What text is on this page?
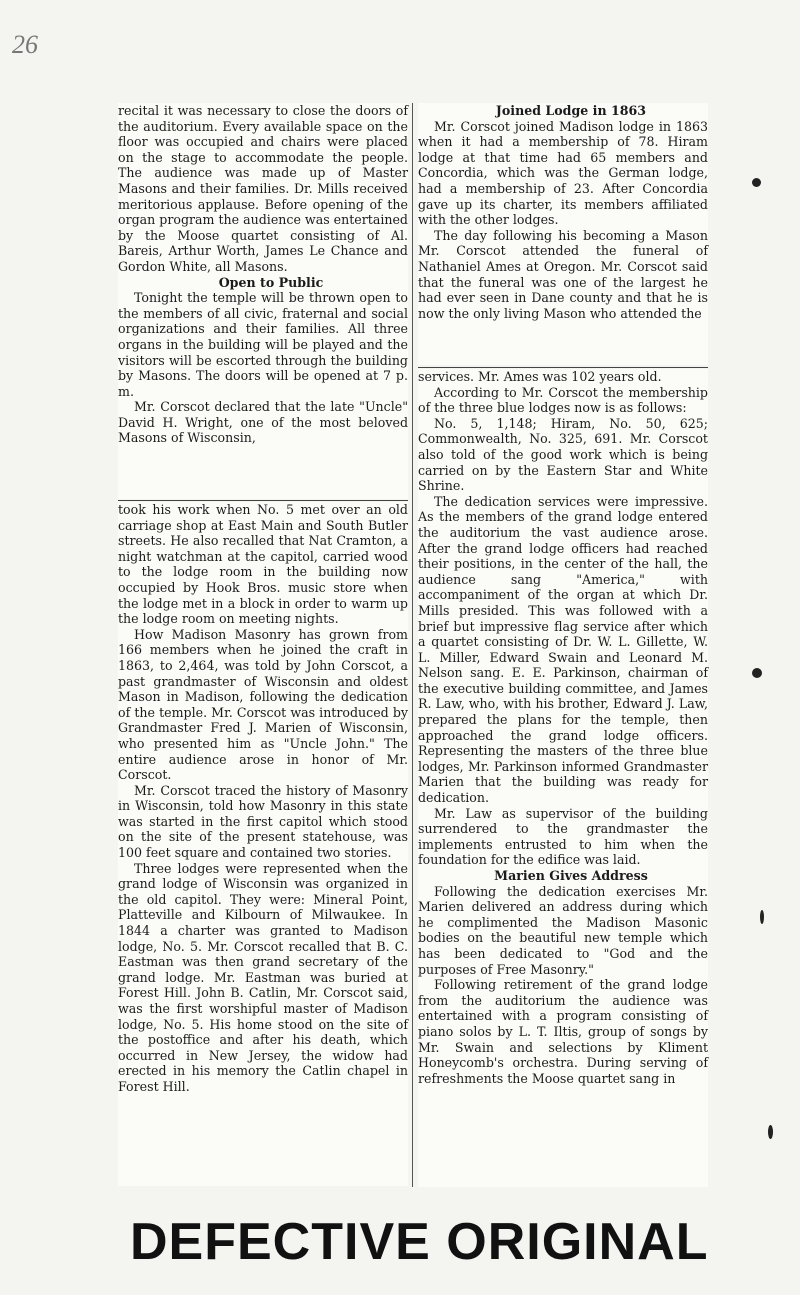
26

recital it was necessary to close the doors of the auditorium. Every available space on the floor was occupied and chairs were placed on the stage to accommodate the people. The audience was made up of Master Masons and their families. Dr. Mills received meritorious applause. Before opening of the organ program the audience was entertained by the Moose quartet consisting of Al. Bareis, Arthur Worth, James Le Chance and Gordon White, all Masons.

Open to Public

Tonight the temple will be thrown open to the members of all civic, fraternal and social organizations and their families. All three organs in the building will be played and the visitors will be escorted through the building by Masons. The doors will be opened at 7 p. m.

Mr. Corscot declared that the late "Uncle" David H. Wright, one of the most beloved Masons of Wisconsin,

took his work when No. 5 met over an old carriage shop at East Main and South Butler streets. He also recalled that Nat Cramton, a night watchman at the capitol, carried wood to the lodge room in the building now occupied by Hook Bros. music store when the lodge met in a block in order to warm up the lodge room on meeting nights.

How Madison Masonry has grown from 166 members when he joined the craft in 1863, to 2,464, was told by John Corscot, a past grandmaster of Wisconsin and oldest Mason in Madison, following the dedication of the temple. Mr. Corscot was introduced by Grandmaster Fred J. Marien of Wisconsin, who presented him as "Uncle John." The entire audience arose in honor of Mr. Corscot.

Mr. Corscot traced the history of Masonry in Wisconsin, told how Masonry in this state was started in the first capitol which stood on the site of the present statehouse, was 100 feet square and contained two stories.

Three lodges were represented when the grand lodge of Wisconsin was organized in the old capitol. They were: Mineral Point, Platteville and Kilbourn of Milwaukee. In 1844 a charter was granted to Madison lodge, No. 5. Mr. Corscot recalled that B. C. Eastman was then grand secretary of the grand lodge. Mr. Eastman was buried at Forest Hill. John B. Catlin, Mr. Corscot said, was the first worshipful master of Madison lodge, No. 5. His home stood on the site of the postoffice and after his death, which occurred in New Jersey, the widow had erected in his memory the Catlin chapel in Forest Hill.

Joined Lodge in 1863

Mr. Corscot joined Madison lodge in 1863 when it had a membership of 78. Hiram lodge at that time had 65 members and Concordia, which was the German lodge, had a membership of 23. After Concordia gave up its charter, its members affiliated with the other lodges.

The day following his becoming a Mason Mr. Corscot attended the funeral of Nathaniel Ames at Oregon. Mr. Corscot said that the funeral was one of the largest he had ever seen in Dane county and that he is now the only living Mason who attended the

services. Mr. Ames was 102 years old.

According to Mr. Corscot the membership of the three blue lodges now is as follows:

No. 5, 1,148; Hiram, No. 50, 625; Commonwealth, No. 325, 691. Mr. Corscot also told of the good work which is being carried on by the Eastern Star and White Shrine.

The dedication services were impressive. As the members of the grand lodge entered the auditorium the vast audience arose. After the grand lodge officers had reached their positions, in the center of the hall, the audience sang "America," with accompaniment of the organ at which Dr. Mills presided. This was followed with a brief but impressive flag service after which a quartet consisting of Dr. W. L. Gillette, W. L. Miller, Edward Swain and Leonard M. Nelson sang. E. E. Parkinson, chairman of the executive building committee, and James R. Law, who, with his brother, Edward J. Law, prepared the plans for the temple, then approached the grand lodge officers. Representing the masters of the three blue lodges, Mr. Parkinson informed Grandmaster Marien that the building was ready for dedication.

Mr. Law as supervisor of the building surrendered to the grandmaster the implements entrusted to him when the foundation for the edifice was laid.

Marien Gives Address

Following the dedication exercises Mr. Marien delivered an address during which he complimented the Madison Masonic bodies on the beautiful new temple which has been dedicated to "God and the purposes of Free Masonry."

Following retirement of the grand lodge from the auditorium the audience was entertained with a program consisting of piano solos by L. T. Iltis, group of songs by Mr. Swain and selections by Kliment Honeycomb's orchestra. During serving of refreshments the Moose quartet sang in

DEFECTIVE ORIGINAL
